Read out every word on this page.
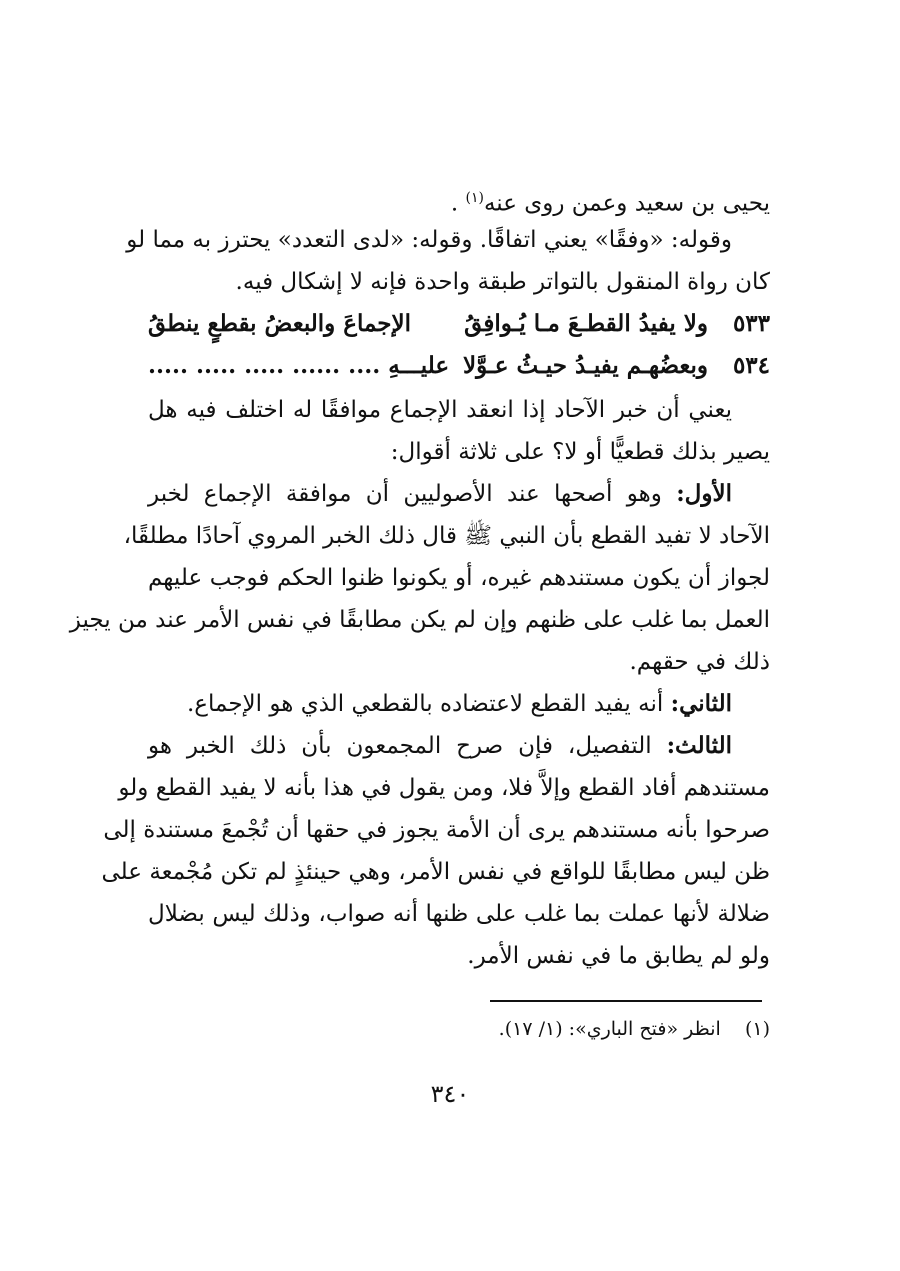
يحيى بن سعيد وعمن روى عنه$^{(١)}$ .
وقوله: «وفقًا» يعني اتفاقًا. وقوله: «لدى التعدد» يحترز به مما لو
كان رواة المنقول بالتواتر طبقة واحدة فإنه لا إشكال فيه.
٥٣٣
ولا يفيدُ القطـعَ مـا يُـوافِقُ
الإجماعَ والبعضُ بقطعٍ ينطقُ
٥٣٤
وبعضُهـم يفيـدُ حيـثُ عـوَّلا
عليـــهِ .... ...... ..... ..... .....
يعني أن خبر الآحاد إذا انعقد الإجماع موافقًا له اختلف فيه هل
يصير بذلك قطعيًّا أو لا؟ على ثلاثة أقوال:
الأول: وهو أصحها عند الأصوليين أن موافقة الإجماع لخبر
الآحاد لا تفيد القطع بأن النبي ﷺ قال ذلك الخبر المروي آحادًا مطلقًا،
لجواز أن يكون مستندهم غيره، أو يكونوا ظنوا الحكم فوجب عليهم
العمل بما غلب على ظنهم وإن لم يكن مطابقًا في نفس الأمر عند من يجيز
ذلك في حقهم.
الثاني: أنه يفيد القطع لاعتضاده بالقطعي الذي هو الإجماع.
الثالث: التفصيل، فإن صرح المجمعون بأن ذلك الخبر هو
مستندهم أفاد القطع وإلاَّ فلا، ومن يقول في هذا بأنه لا يفيد القطع ولو
صرحوا بأنه مستندهم يرى أن الأمة يجوز في حقها أن تُجْمعَ مستندة إلى
ظن ليس مطابقًا للواقع في نفس الأمر، وهي حينئذٍ لم تكن مُجْمعة على
ضلالة لأنها عملت بما غلب على ظنها أنه صواب، وذلك ليس بضلال
ولو لم يطابق ما في نفس الأمر.
(١)    انظر «فتح الباري»: (١/ ١٧).
٣٤٠
